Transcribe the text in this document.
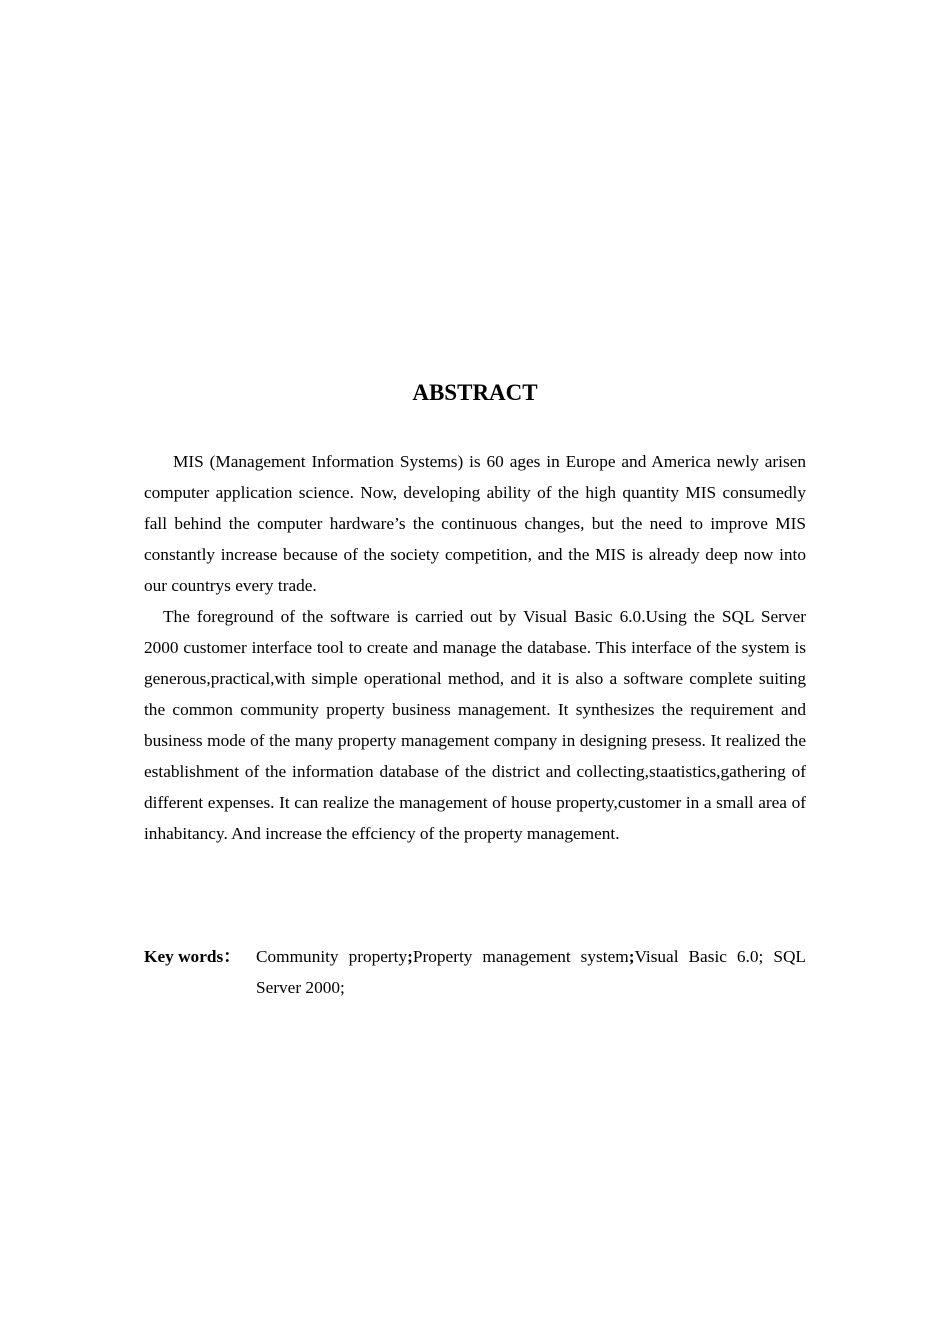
ABSTRACT

MIS (Management Information Systems) is 60 ages in Europe and America newly arisen computer application science. Now, developing ability of the high quantity MIS consumedly fall behind the computer hardware’s the continuous changes, but the need to improve MIS constantly increase because of the society competition, and the MIS is already deep now into our countrys every trade.

The foreground of the software is carried out by Visual Basic 6.0.Using the SQL Server 2000 customer interface tool to create and manage the database. This interface of the system is generous,practical,with simple operational method, and it is also a software complete suiting the common community property business management. It synthesizes the requirement and business mode of the many property management company in designing presess. It realized the establishment of the information database of the district and collecting,staatistics,gathering of different expenses. It can realize the management of house property,customer in a small area of inhabitancy. And increase the effciency of the property management.

Key words： Community property;Property management system;Visual Basic 6.0; SQL Server 2000;
